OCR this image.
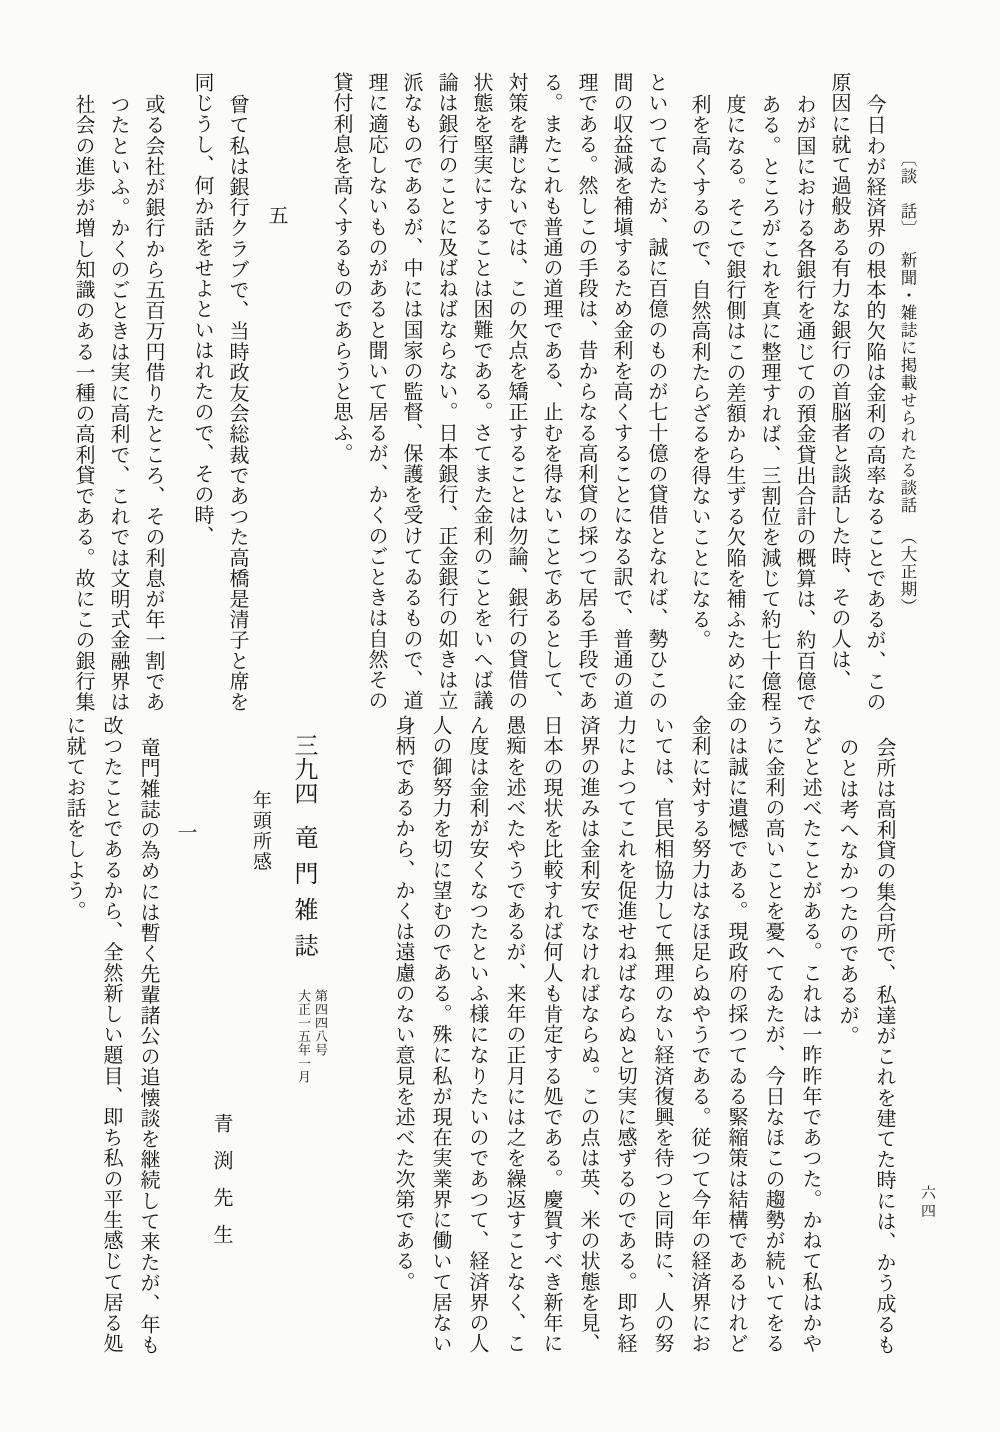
〔談　話〕新聞・雑誌に掲載せられたる談話（大正期）
今日わが経済界の根本的欠陥は金利の高率なることであるが、この
原因に就て過般ある有力な銀行の首脳者と談話した時、その人は、
わが国における各銀行を通じての預金貸出合計の概算は、約百億で
ある。ところがこれを真に整理すれば、三割位を減じて約七十億程
度になる。そこで銀行側はこの差額から生ずる欠陥を補ふために金
利を高くするので、自然高利たらざるを得ないことになる。
といつてゐたが、誠に百億のものが七十億の貸借となれば、勢ひこの
間の収益減を補塡するため金利を高くすることになる訳で、普通の道
理である。然しこの手段は、昔からなる高利貸の採つて居る手段であ
る。またこれも普通の道理である、止むを得ないことであるとして、
対策を講じないでは、この欠点を矯正することは勿論、銀行の貸借の
状態を堅実にすることは困難である。さてまた金利のことをいへば議
論は銀行のことに及ばねばならない。日本銀行、正金銀行の如きは立
派なものであるが、中には国家の監督、保護を受けてゐるもので、道
理に適応しないものがあると聞いて居るが、かくのごときは自然その
貸付利息を高くするものであらうと思ふ。
五
曾て私は銀行クラブで、当時政友会総裁であつた高橋是清子と席を
同じうし、何か話をせよといはれたので、その時、
或る会社が銀行から五百万円借りたところ、その利息が年一割であ
つたといふ。かくのごときは実に高利で、これでは文明式金融界は
社会の進歩が増し知識のある一種の高利貸である。故にこの銀行集
会所は高利貸の集合所で、私達がこれを建てた時には、かう成るも
のとは考へなかつたのであるが。
などと述べたことがある。これは一昨昨年であつた。かねて私はかや
うに金利の高いことを憂へてゐたが、今日なほこの趨勢が続いてをる
のは誠に遺憾である。現政府の採つてゐる緊縮策は結構であるけれど
金利に対する努力はなほ足らぬやうである。従つて今年の経済界にお
いては、官民相協力して無理のない経済復興を待つと同時に、人の努
力によつてこれを促進せねばならぬと切実に感ずるのである。即ち経
済界の進みは金利安でなければならぬ。この点は英、米の状態を見、
日本の現状を比較すれば何人も肯定する処である。慶賀すべき新年に
愚痴を述べたやうであるが、来年の正月には之を繰返すことなく、こ
ん度は金利が安くなつたといふ様になりたいのであつて、経済界の人
人の御努力を切に望むのである。殊に私が現在実業界に働いて居ない
身柄であるから、かくは遠慮のない意見を述べた次第である。
三九四竜門雑誌
第四四八号
大正一五年一月
年頭所感
青渕先生
一
竜門雑誌の為めには暫く先輩諸公の追懐談を継続して来たが、年も
改つたことであるから、全然新しい題目、即ち私の平生感じて居る処
に就てお話をしよう。
六四
